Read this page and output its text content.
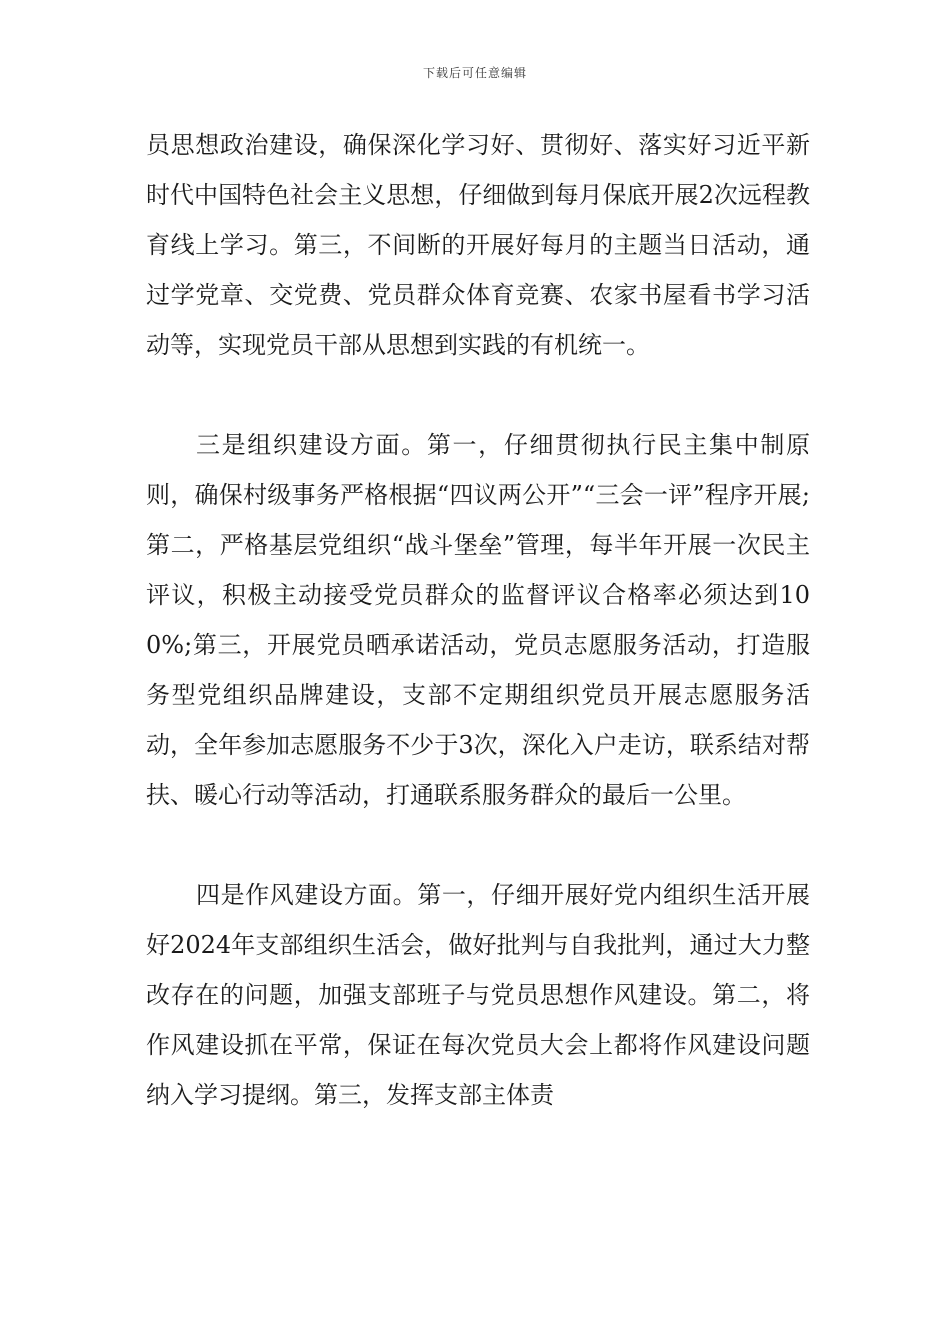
下载后可任意编辑

员思想政治建设，确保深化学习好、贯彻好、落实好习近平新时代中国特色社会主义思想，仔细做到每月保底开展2次远程教育线上学习。第三，不间断的开展好每月的主题当日活动，通过学党章、交党费、党员群众体育竞赛、农家书屋看书学习活动等，实现党员干部从思想到实践的有机统一。

三是组织建设方面。第一，仔细贯彻执行民主集中制原则，确保村级事务严格根据“四议两公开”“三会一评”程序开展;第二，严格基层党组织“战斗堡垒”管理，每半年开展一次民主评议，积极主动接受党员群众的监督评议合格率必须达到100%;第三，开展党员晒承诺活动，党员志愿服务活动，打造服务型党组织品牌建设，支部不定期组织党员开展志愿服务活动，全年参加志愿服务不少于3次，深化入户走访，联系结对帮扶、暖心行动等活动，打通联系服务群众的最后一公里。

四是作风建设方面。第一，仔细开展好党内组织生活开展好2024年支部组织生活会，做好批判与自我批判，通过大力整改存在的问题，加强支部班子与党员思想作风建设。第二，将作风建设抓在平常，保证在每次党员大会上都将作风建设问题纳入学习提纲。第三，发挥支部主体责
